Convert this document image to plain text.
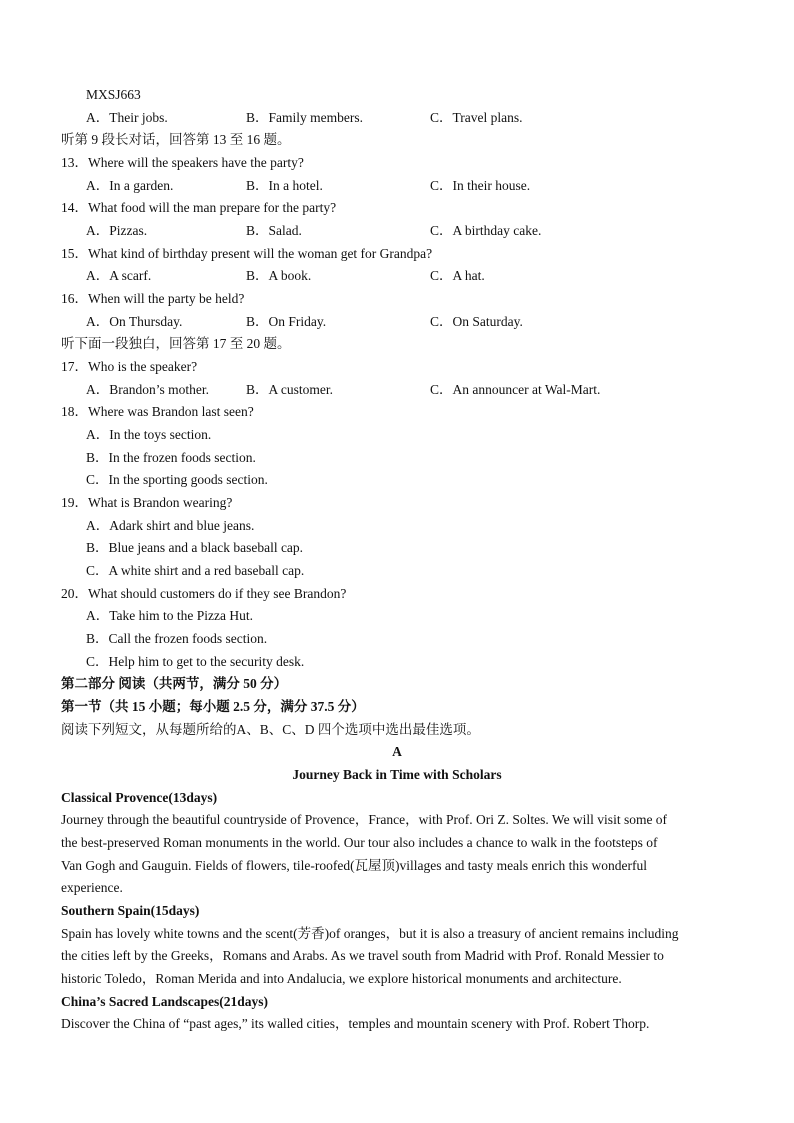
MXSJ663
A．Their jobs.	B．Family members.	C．Travel plans.
听第 9 段长对话，回答第 13 至 16 题。
13．Where will the speakers have the party?
A．In a garden.	B．In a hotel.	C．In their house.
14．What food will the man prepare for the party?
A．Pizzas.	B．Salad.	C．A birthday cake.
15．What kind of birthday present will the woman get for Grandpa?
A．A scarf.	B．A book.	C．A hat.
16．When will the party be held?
A．On Thursday.	B．On Friday.	C．On Saturday.
听下面一段独白，回答第 17 至 20 题。
17．Who is the speaker?
A．Brandon’s mother.	B．A customer.	C．An announcer at Wal-Mart.
18．Where was Brandon last seen?
A．In the toys section.
B．In the frozen foods section.
C．In the sporting goods section.
19．What is Brandon wearing?
A．Adark shirt and blue jeans.
B．Blue jeans and a black baseball cap.
C．A white shirt and a red baseball cap.
20．What should customers do if they see Brandon?
A．Take him to the Pizza Hut.
B．Call the frozen foods section.
C．Help him to get to the security desk.
第二部分 阅读（共两节，满分 50 分）
第一节（共 15 小题；每小题 2.5 分，满分 37.5 分）
阅读下列短文，从每题所给的A、B、C、D 四个选项中选出最佳选项。
A
Journey Back in Time with Scholars
Classical Provence(13days)
Journey through the beautiful countryside of Provence，France，with Prof. Ori Z. Soltes. We will visit some of
the best-preserved Roman monuments in the world. Our tour also includes a chance to walk in the footsteps of
Van Gogh and Gauguin. Fields of flowers, tile-roofed(瓦屋顶)villages and tasty meals enrich this wonderful
experience.
Southern Spain(15days)
Spain has lovely white towns and the scent(芳香)of oranges，but it is also a treasury of ancient remains including
the cities left by the Greeks，Romans and Arabs. As we travel south from Madrid with Prof. Ronald Messier to
historic Toledo，Roman Merida and into Andalucia, we explore historical monuments and architecture.
China’s Sacred Landscapes(21days)
Discover the China of “past ages,” its walled cities，temples and mountain scenery with Prof. Robert Thorp.
